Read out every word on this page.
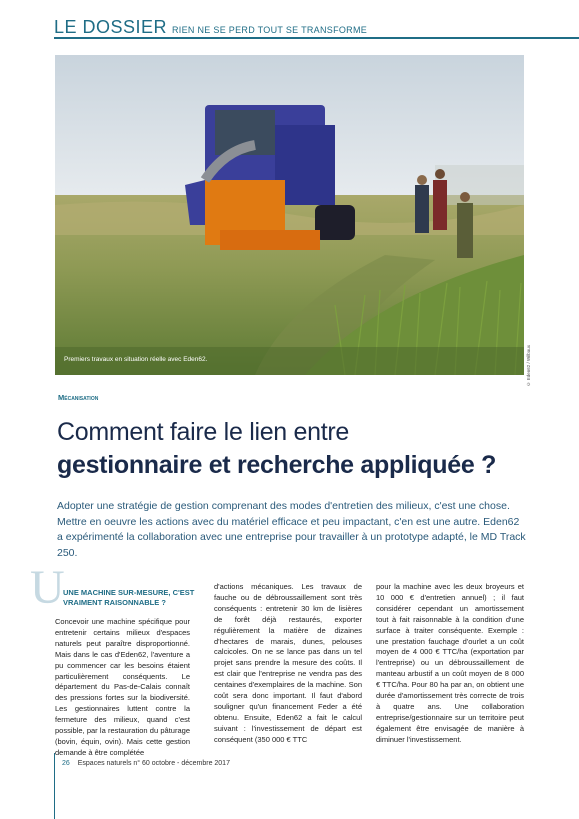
LE DOSSIER RIEN NE SE PERD TOUT SE TRANSFORME
Premiers travaux en situation réelle avec Eden62.	© Eden62 / Wilbaux
Mécanisation
Comment faire le lien entre
gestionnaire et recherche appliquée ?

Adopter une stratégie de gestion comprenant des modes d'entretien des milieux, c'est une chose. Mettre en oeuvre les actions avec du matériel efficace et peu impactant, c'en est une autre. Eden62 a expérimenté la collaboration avec une entreprise pour travailler à un prototype adapté, le MD Track 250.

U
UNE MACHINE SUR-MESURE, C'EST VRAIMENT RAISONNABLE ?

Concevoir une machine spécifique pour entretenir certains milieux d'espaces naturels peut paraître disproportionné. Mais dans le cas d'Eden62, l'aventure a pu commencer car les besoins étaient particulièrement conséquents. Le département du Pas-de-Calais connaît des pressions fortes sur la biodiversité. Les gestionnaires luttent contre la fermeture des milieux, quand c'est possible, par la restauration du pâturage (bovin, équin, ovin). Mais cette gestion demande à être complétée

d'actions mécaniques. Les travaux de fauche ou de débroussaillement sont très conséquents : entretenir 30 km de lisières de forêt déjà restaurés, exporter régulièrement la matière de dizaines d'hectares de marais, dunes, pelouses calcicoles. On ne se lance pas dans un tel projet sans prendre la mesure des coûts. Il est clair que l'entreprise ne vendra pas des centaines d'exemplaires de la machine. Son coût sera donc important. Il faut d'abord souligner qu'un financement Feder a été obtenu. Ensuite, Eden62 a fait le calcul suivant : l'investissement de départ est conséquent (350 000 € TTC

pour la machine avec les deux broyeurs et 10 000 € d'entretien annuel) ; il faut considérer cependant un amortissement tout à fait raisonnable à la condition d'une surface à traiter conséquente. Exemple : une prestation fauchage d'ourlet a un coût moyen de 4 000 € TTC/ha (exportation par l'entreprise) ou un débroussaillement de manteau arbustif a un coût moyen de 8 000 € TTC/ha. Pour 80 ha par an, on obtient une durée d'amortissement très correcte de trois à quatre ans. Une collaboration entreprise/gestionnaire sur un territoire peut également être envisagée de manière à diminuer l'investissement.

26 Espaces naturels n° 60 octobre - décembre 2017
